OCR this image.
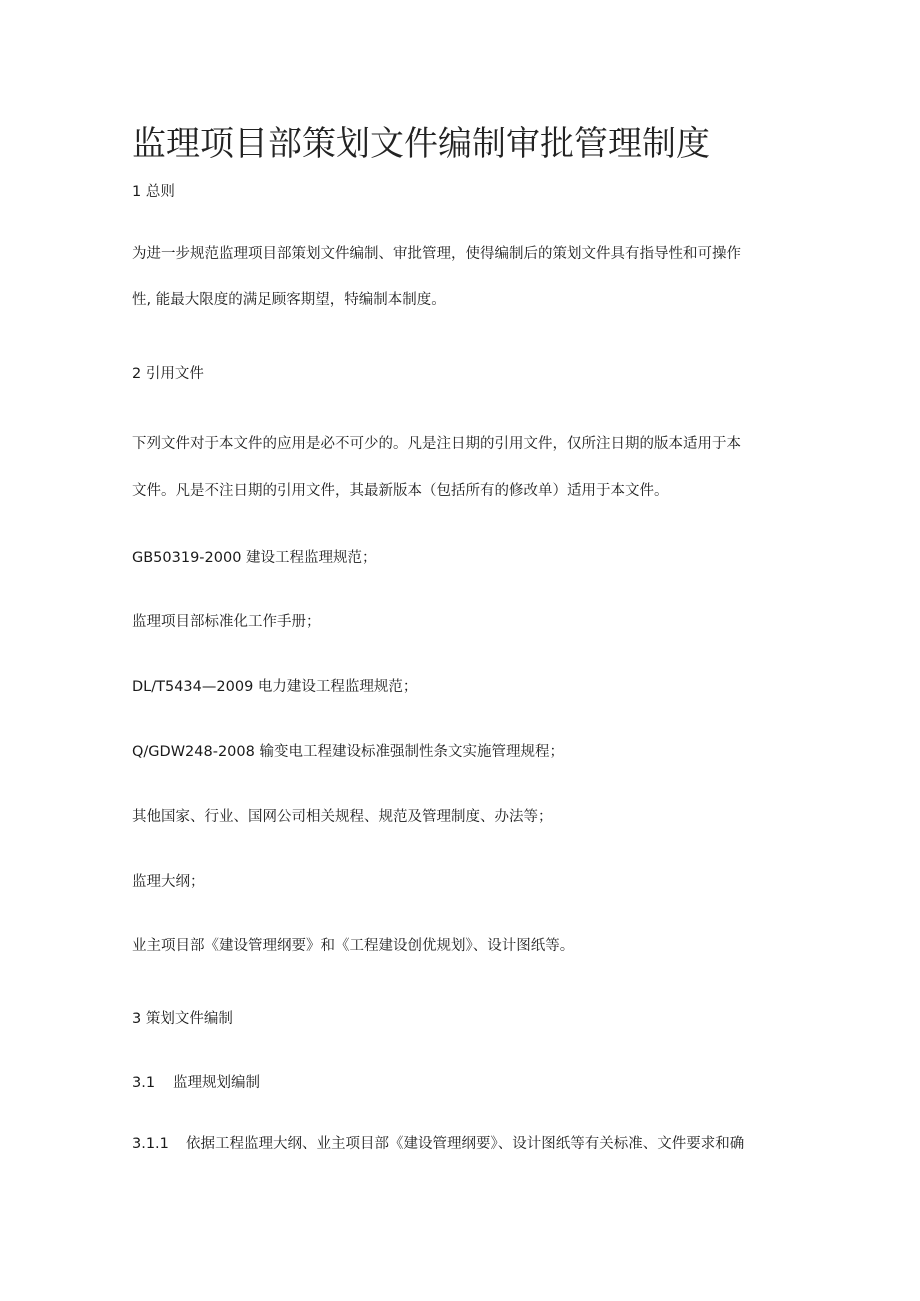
监理项目部策划文件编制审批管理制度
1 总则
为进一步规范监理项目部策划文件编制、审批管理，使得编制后的策划文件具有指导性和可操作
性, 能最大限度的满足顾客期望，特编制本制度。
2 引用文件
下列文件对于本文件的应用是必不可少的。凡是注日期的引用文件，仅所注日期的版本适用于本
文件。凡是不注日期的引用文件，其最新版本（包括所有的修改单）适用于本文件。
GB50319-2000 建设工程监理规范；
监理项目部标准化工作手册；
DL/T5434—2009 电力建设工程监理规范；
Q/GDW248-2008 输变电工程建设标准强制性条文实施管理规程；
其他国家、行业、国网公司相关规程、规范及管理制度、办法等；
监理大纲；
业主项目部《建设管理纲要》和《工程建设创优规划》、设计图纸等。
3 策划文件编制
3.1 监理规划编制
3.1.1 依据工程监理大纲、业主项目部《建设管理纲要》、设计图纸等有关标准、文件要求和确
